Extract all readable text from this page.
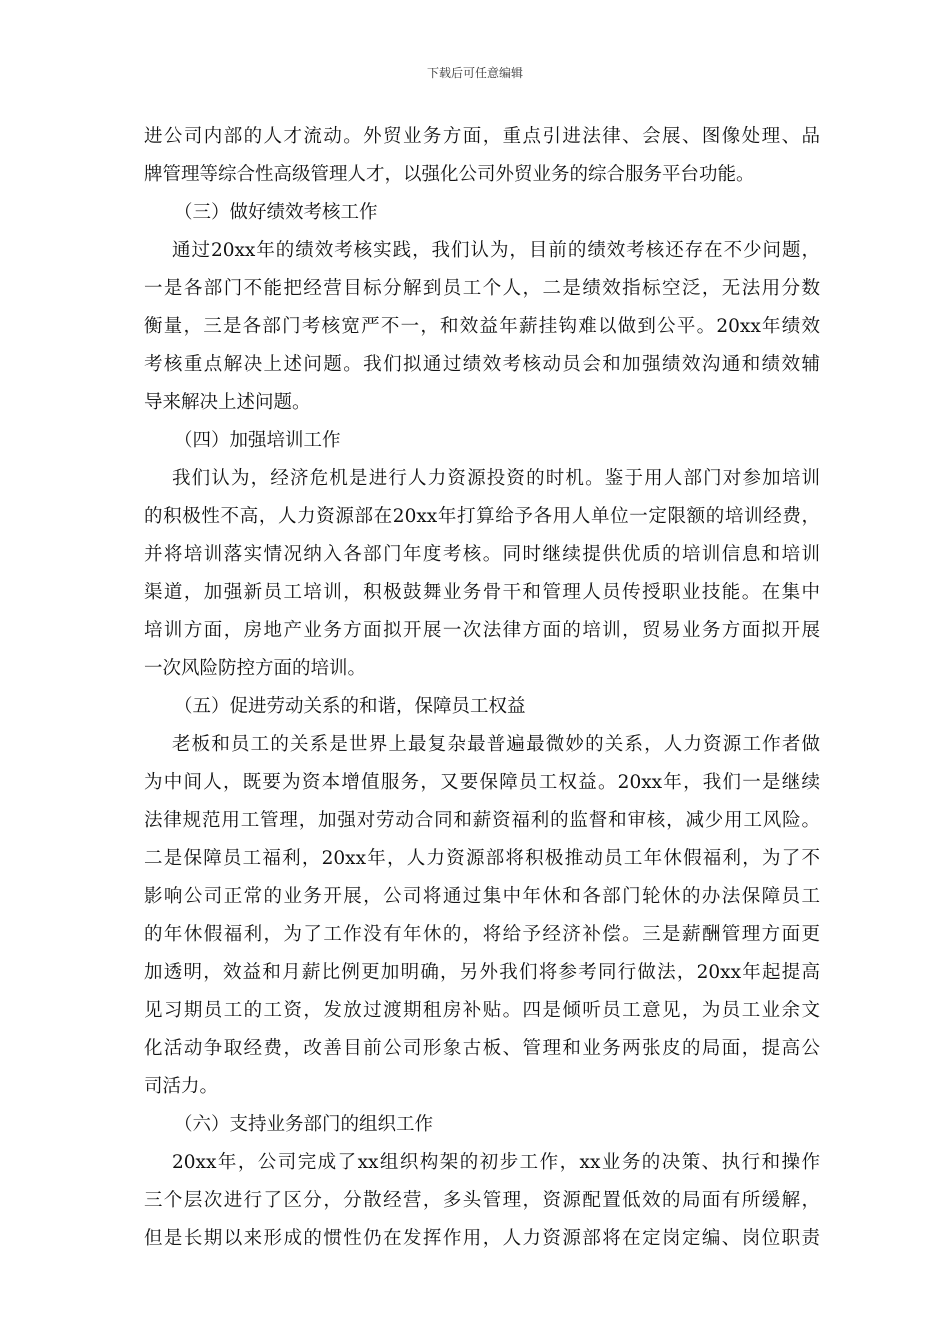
下载后可任意编辑
进公司内部的人才流动。外贸业务方面，重点引进法律、会展、图像处理、品
牌管理等综合性高级管理人才，以强化公司外贸业务的综合服务平台功能。
（三）做好绩效考核工作
通过20xx年的绩效考核实践，我们认为，目前的绩效考核还存在不少问题，
一是各部门不能把经营目标分解到员工个人，二是绩效指标空泛，无法用分数
衡量，三是各部门考核宽严不一，和效益年薪挂钩难以做到公平。20xx年绩效
考核重点解决上述问题。我们拟通过绩效考核动员会和加强绩效沟通和绩效辅
导来解决上述问题。
（四）加强培训工作
我们认为，经济危机是进行人力资源投资的时机。鉴于用人部门对参加培训
的积极性不高，人力资源部在20xx年打算给予各用人单位一定限额的培训经费，
并将培训落实情况纳入各部门年度考核。同时继续提供优质的培训信息和培训
渠道，加强新员工培训，积极鼓舞业务骨干和管理人员传授职业技能。在集中
培训方面，房地产业务方面拟开展一次法律方面的培训，贸易业务方面拟开展
一次风险防控方面的培训。
（五）促进劳动关系的和谐，保障员工权益
老板和员工的关系是世界上最复杂最普遍最微妙的关系，人力资源工作者做
为中间人，既要为资本增值服务，又要保障员工权益。20xx年，我们一是继续
法律规范用工管理，加强对劳动合同和薪资福利的监督和审核，减少用工风险。
二是保障员工福利，20xx年，人力资源部将积极推动员工年休假福利，为了不
影响公司正常的业务开展，公司将通过集中年休和各部门轮休的办法保障员工
的年休假福利，为了工作没有年休的，将给予经济补偿。三是薪酬管理方面更
加透明，效益和月薪比例更加明确，另外我们将参考同行做法，20xx年起提高
见习期员工的工资，发放过渡期租房补贴。四是倾听员工意见，为员工业余文
化活动争取经费，改善目前公司形象古板、管理和业务两张皮的局面，提高公
司活力。
（六）支持业务部门的组织工作
20xx年，公司完成了xx组织构架的初步工作，xx业务的决策、执行和操作
三个层次进行了区分，分散经营，多头管理，资源配置低效的局面有所缓解，
但是长期以来形成的惯性仍在发挥作用，人力资源部将在定岗定编、岗位职责
